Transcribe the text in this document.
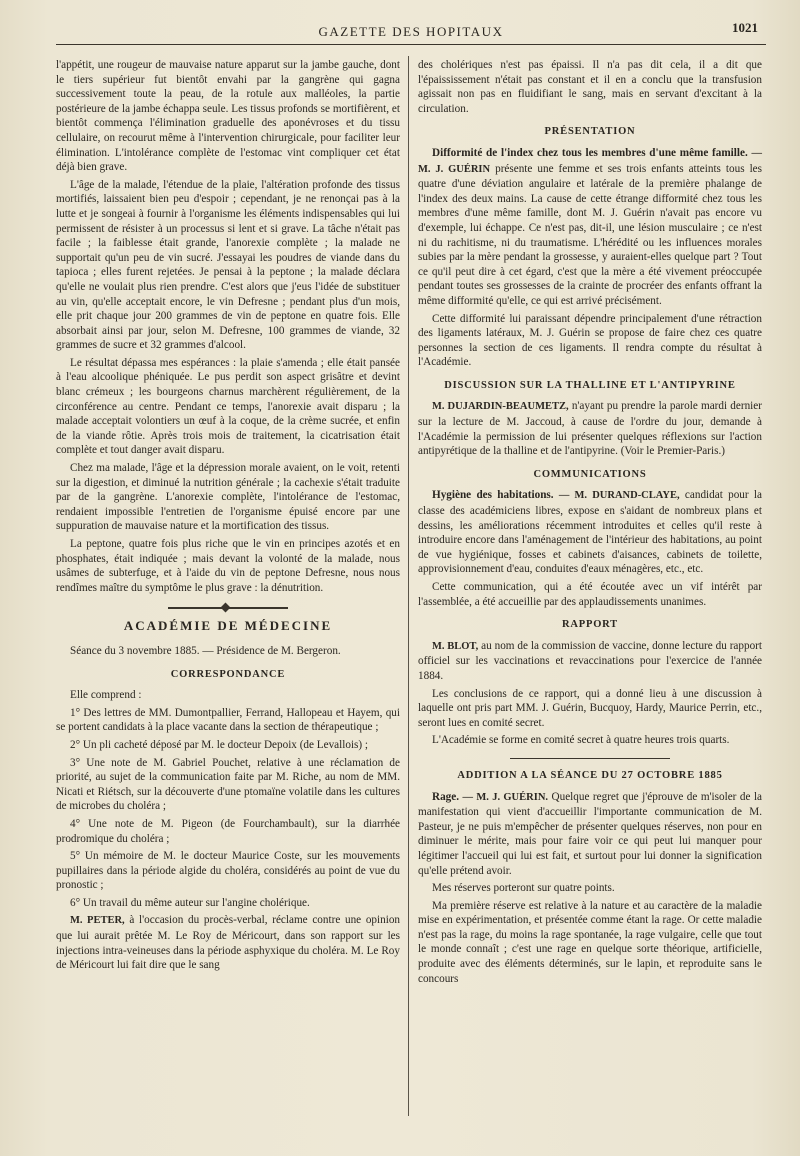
GAZETTE DES HOPITAUX	1021

l'appétit, une rougeur de mauvaise nature apparut sur la jambe gauche, dont le tiers supérieur fut bientôt envahi par la gangrène qui gagna successivement toute la peau, de la rotule aux malléoles, la partie postérieure de la jambe échappa seule. Les tissus profonds se mortifièrent, et bientôt commença l'élimination graduelle des aponévroses et du tissu cellulaire, on recourut même à l'intervention chirurgicale, pour faciliter leur élimination. L'intolérance complète de l'estomac vint compliquer cet état déjà bien grave.

L'âge de la malade, l'étendue de la plaie, l'altération profonde des tissus mortifiés, laissaient bien peu d'espoir ; cependant, je ne renonçai pas à la lutte et je songeai à fournir à l'organisme les éléments indispensables qui lui permissent de résister à un processus si lent et si grave. La tâche n'était pas facile ; la faiblesse était grande, l'anorexie complète ; la malade ne supportait qu'un peu de vin sucré. J'essayai les poudres de viande dans du tapioca ; elles furent rejetées. Je pensai à la peptone ; la malade déclara qu'elle ne voulait plus rien prendre. C'est alors que j'eus l'idée de substituer au vin, qu'elle acceptait encore, le vin Defresne ; pendant plus d'un mois, elle prit chaque jour 200 grammes de vin de peptone en quatre fois. Elle absorbait ainsi par jour, selon M. Defresne, 100 grammes de viande, 32 grammes de sucre et 32 grammes d'alcool.

Le résultat dépassa mes espérances : la plaie s'amenda ; elle était pansée à l'eau alcoolique phéniquée. Le pus perdit son aspect grisâtre et devint blanc crémeux ; les bourgeons charnus marchèrent régulièrement, de la circonférence au centre. Pendant ce temps, l'anorexie avait disparu ; la malade acceptait volontiers un œuf à la coque, de la crème sucrée, et enfin de la viande rôtie. Après trois mois de traitement, la cicatrisation était complète et tout danger avait disparu.

Chez ma malade, l'âge et la dépression morale avaient, on le voit, retenti sur la digestion, et diminué la nutrition générale ; la cachexie s'était traduite par de la gangrène. L'anorexie complète, l'intolérance de l'estomac, rendaient impossible l'entretien de l'organisme épuisé encore par une suppuration de mauvaise nature et la mortification des tissus.

La peptone, quatre fois plus riche que le vin en principes azotés et en phosphates, était indiquée ; mais devant la volonté de la malade, nous usâmes de subterfuge, et à l'aide du vin de peptone Defresne, nous nous rendîmes maître du symptôme le plus grave : la dénutrition.

ACADÉMIE DE MÉDECINE

Séance du 3 novembre 1885. — Présidence de M. Bergeron.

CORRESPONDANCE

Elle comprend :

1° Des lettres de MM. Dumontpallier, Ferrand, Hallopeau et Hayem, qui se portent candidats à la place vacante dans la section de thérapeutique ;

2° Un pli cacheté déposé par M. le docteur Depoix (de Levallois) ;

3° Une note de M. Gabriel Pouchet, relative à une réclamation de priorité, au sujet de la communication faite par M. Riche, au nom de MM. Nicati et Riétsch, sur la découverte d'une ptomaïne volatile dans les cultures de microbes du choléra ;

4° Une note de M. Pigeon (de Fourchambault), sur la diarrhée prodromique du choléra ;

5° Un mémoire de M. le docteur Maurice Coste, sur les mouvements pupillaires dans la période algide du choléra, considérés au point de vue du pronostic ;

6° Un travail du même auteur sur l'angine cholérique.

M. PETER, à l'occasion du procès-verbal, réclame contre une opinion que lui aurait prêtée M. Le Roy de Méricourt, dans son rapport sur les injections intra-veineuses dans la période asphyxique du choléra. M. Le Roy de Méricourt lui fait dire que le sang

des cholériques n'est pas épaissi. Il n'a pas dit cela, il a dit que l'épaississement n'était pas constant et il en a conclu que la transfusion agissait non pas en fluidifiant le sang, mais en servant d'excitant à la circulation.

PRÉSENTATION

Difformité de l'index chez tous les membres d'une même famille. — M. J. GUÉRIN présente une femme et ses trois enfants atteints tous les quatre d'une déviation angulaire et latérale de la première phalange de l'index des deux mains. La cause de cette étrange difformité chez tous les membres d'une même famille, dont M. J. Guérin n'avait pas encore vu d'exemple, lui échappe. Ce n'est pas, dit-il, une lésion musculaire ; ce n'est ni du rachitisme, ni du traumatisme. L'hérédité ou les influences morales subies par la mère pendant la grossesse, y auraient-elles quelque part ? Tout ce qu'il peut dire à cet égard, c'est que la mère a été vivement préoccupée pendant toutes ses grossesses de la crainte de procréer des enfants offrant la même difformité qu'elle, ce qui est arrivé précisément.

Cette difformité lui paraissant dépendre principalement d'une rétraction des ligaments latéraux, M. J. Guérin se propose de faire chez ces quatre personnes la section de ces ligaments. Il rendra compte du résultat à l'Académie.

DISCUSSION SUR LA THALLINE ET L'ANTIPYRINE

M. DUJARDIN-BEAUMETZ, n'ayant pu prendre la parole mardi dernier sur la lecture de M. Jaccoud, à cause de l'ordre du jour, demande à l'Académie la permission de lui présenter quelques réflexions sur l'action antipyrétique de la thalline et de l'antipyrine. (Voir le Premier-Paris.)

COMMUNICATIONS

Hygiène des habitations. — M. DURAND-CLAYE, candidat pour la classe des académiciens libres, expose en s'aidant de nombreux plans et dessins, les améliorations récemment introduites et celles qu'il reste à introduire encore dans l'aménagement de l'intérieur des habitations, au point de vue hygiénique, fosses et cabinets d'aisances, cabinets de toilette, approvisionnement d'eau, conduites d'eaux ménagères, etc., etc.

Cette communication, qui a été écoutée avec un vif intérêt par l'assemblée, a été accueillie par des applaudissements unanimes.

RAPPORT

M. BLOT, au nom de la commission de vaccine, donne lecture du rapport officiel sur les vaccinations et revaccinations pour l'exercice de l'année 1884.

Les conclusions de ce rapport, qui a donné lieu à une discussion à laquelle ont pris part MM. J. Guérin, Bucquoy, Hardy, Maurice Perrin, etc., seront lues en comité secret.

L'Académie se forme en comité secret à quatre heures trois quarts.

ADDITION A LA SÉANCE DU 27 OCTOBRE 1885

Rage. — M. J. GUÉRIN. Quelque regret que j'éprouve de m'isoler de la manifestation qui vient d'accueillir l'importante communication de M. Pasteur, je ne puis m'empêcher de présenter quelques réserves, non pour en diminuer le mérite, mais pour faire voir ce qui peut lui manquer pour légitimer l'accueil qui lui est fait, et surtout pour lui donner la signification qu'elle prétend avoir.

Mes réserves porteront sur quatre points.

Ma première réserve est relative à la nature et au caractère de la maladie mise en expérimentation, et présentée comme étant la rage. Or cette maladie n'est pas la rage, du moins la rage spontanée, la rage vulgaire, celle que tout le monde connaît ; c'est une rage en quelque sorte théorique, artificielle, produite avec des éléments déterminés, sur le lapin, et reproduite sans le concours
